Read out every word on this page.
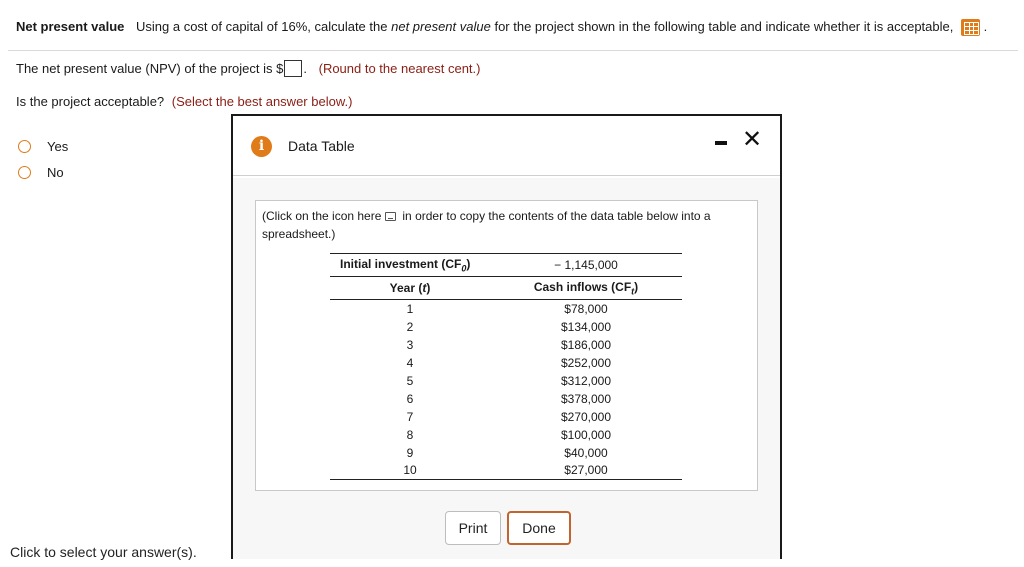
Net present value Using a cost of capital of 16%, calculate the net present value for the project shown in the following table and indicate whether it is acceptable, .
The net present value (NPV) of the project is $ . (Round to the nearest cent.)
Is the project acceptable? (Select the best answer below.)
Yes
No
Click to select your answer(s).
i	Data Table	✕
(Click on the icon here in order to copy the contents of the data table below into a spreadsheet.)
Initial investment $(CF_0)$	− 1,145,000
Year (t)	Cash inflows $(CF_t)$
1	$78,000
2	$134,000
3	$186,000
4	$252,000
5	$312,000
6	$378,000
7	$270,000
8	$100,000
9	$40,000
10	$27,000
Print	Done
